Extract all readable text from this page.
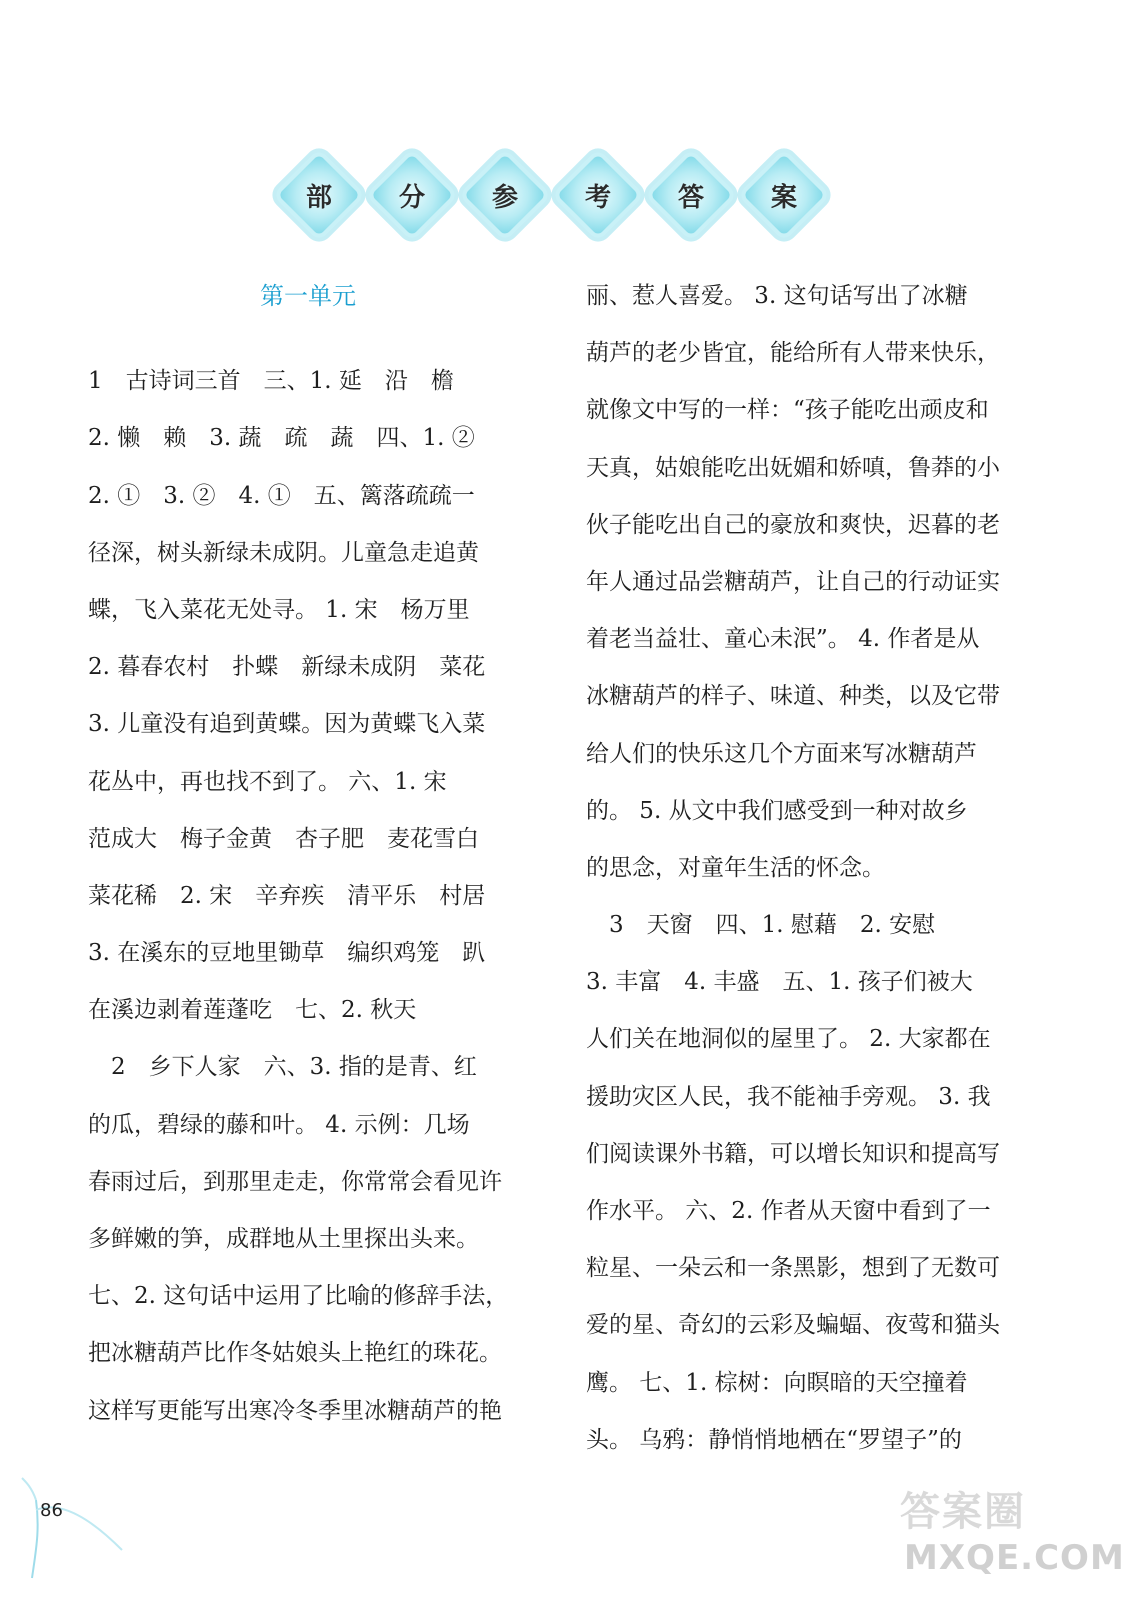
部	分	参	考	答	案
第一单元
1　古诗词三首　三、1. 延　沿　檐
2. 懒　赖　3. 蔬　疏　蔬　四、1. ②
2. ①　3. ②　4. ①　五、篱落疏疏一
径深，树头新绿未成阴。儿童急走追黄
蝶，飞入菜花无处寻。 1. 宋　杨万里
2. 暮春农村　扑蝶　新绿未成阴　菜花
3. 儿童没有追到黄蝶。因为黄蝶飞入菜
花丛中，再也找不到了。 六、1. 宋
范成大　梅子金黄　杏子肥　麦花雪白
菜花稀　2. 宋　辛弃疾　清平乐　村居
3. 在溪东的豆地里锄草　编织鸡笼　趴
在溪边剥着莲蓬吃　七、2. 秋天
　2　乡下人家　六、3. 指的是青、红
的瓜，碧绿的藤和叶。 4. 示例：几场
春雨过后，到那里走走，你常常会看见许
多鲜嫩的笋，成群地从土里探出头来。
七、2. 这句话中运用了比喻的修辞手法，
把冰糖葫芦比作冬姑娘头上艳红的珠花。
这样写更能写出寒冷冬季里冰糖葫芦的艳
丽、惹人喜爱。 3. 这句话写出了冰糖
葫芦的老少皆宜，能给所有人带来快乐，
就像文中写的一样：“孩子能吃出顽皮和
天真，姑娘能吃出妩媚和娇嗔，鲁莽的小
伙子能吃出自己的豪放和爽快，迟暮的老
年人通过品尝糖葫芦，让自己的行动证实
着老当益壮、童心未泯”。 4. 作者是从
冰糖葫芦的样子、味道、种类，以及它带
给人们的快乐这几个方面来写冰糖葫芦
的。 5. 从文中我们感受到一种对故乡
的思念，对童年生活的怀念。
　3　天窗　四、1. 慰藉　2. 安慰
3. 丰富　4. 丰盛　五、1. 孩子们被大
人们关在地洞似的屋里了。 2. 大家都在
援助灾区人民，我不能袖手旁观。 3. 我
们阅读课外书籍，可以增长知识和提高写
作水平。 六、2. 作者从天窗中看到了一
粒星、一朵云和一条黑影，想到了无数可
爱的星、奇幻的云彩及蝙蝠、夜莺和猫头
鹰。 七、1. 棕树：向瞑暗的天空撞着
头。 乌鸦：静悄悄地栖在“罗望子”的
86	答案圈
MXQE.COM
